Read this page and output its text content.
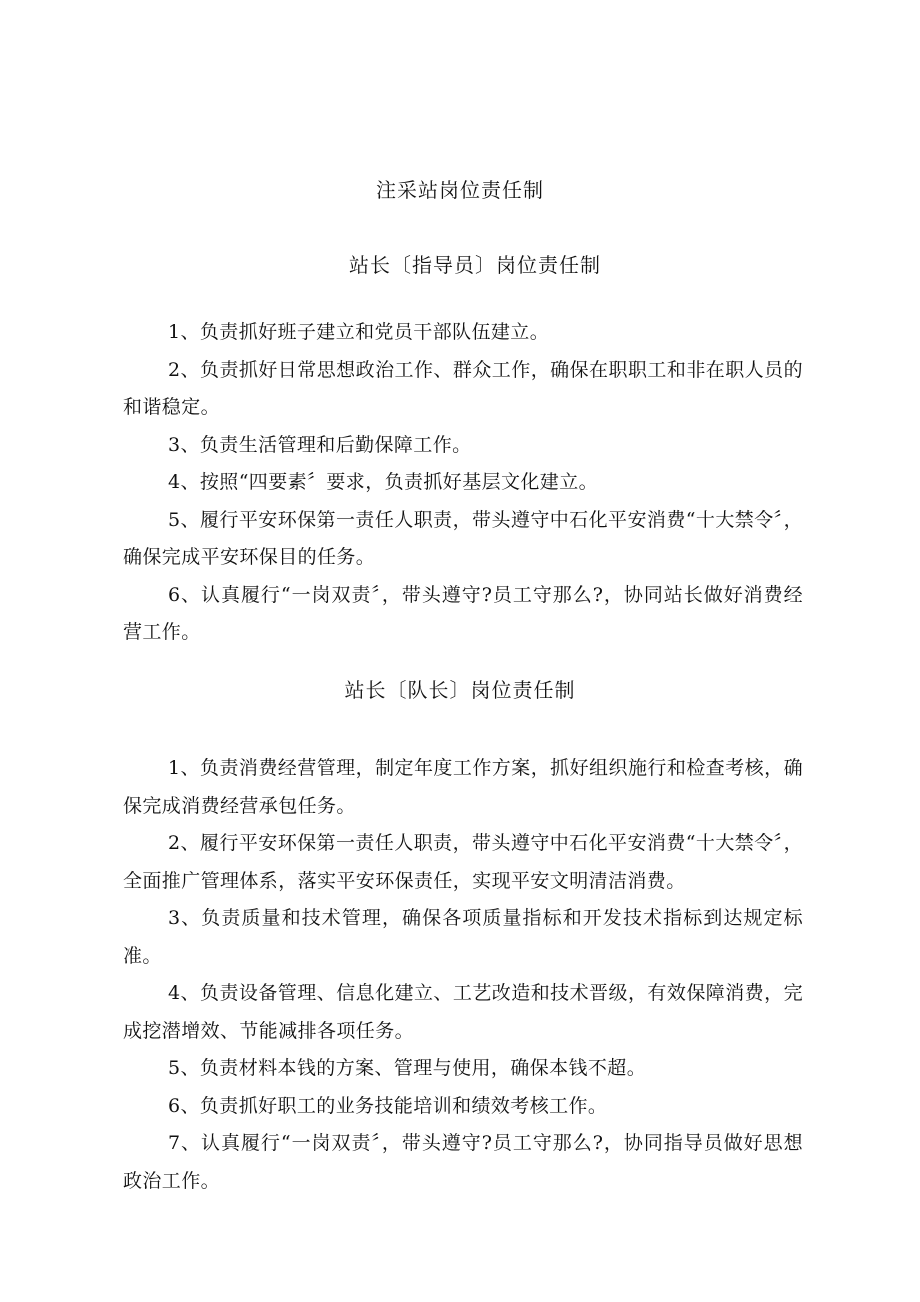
注采站岗位责任制
站长〔指导员〕岗位责任制

1、负责抓好班子建立和党员干部队伍建立。

2、负责抓好日常思想政治工作、群众工作，确保在职职工和非在职人员的和谐稳定。

3、负责生活管理和后勤保障工作。

4、按照“四要素〞要求，负责抓好基层文化建立。

5、履行平安环保第一责任人职责，带头遵守中石化平安消费“十大禁令〞，确保完成平安环保目的任务。

6、认真履行“一岗双责〞，带头遵守?员工守那么?，协同站长做好消费经营工作。

站长〔队长〕岗位责任制

1、负责消费经营管理，制定年度工作方案，抓好组织施行和检查考核，确保完成消费经营承包任务。

2、履行平安环保第一责任人职责，带头遵守中石化平安消费“十大禁令〞，全面推广管理体系，落实平安环保责任，实现平安文明清洁消费。

3、负责质量和技术管理，确保各项质量指标和开发技术指标到达规定标准。

4、负责设备管理、信息化建立、工艺改造和技术晋级，有效保障消费，完成挖潜增效、节能减排各项任务。

5、负责材料本钱的方案、管理与使用，确保本钱不超。

6、负责抓好职工的业务技能培训和绩效考核工作。

7、认真履行“一岗双责〞，带头遵守?员工守那么?，协同指导员做好思想政治工作。
